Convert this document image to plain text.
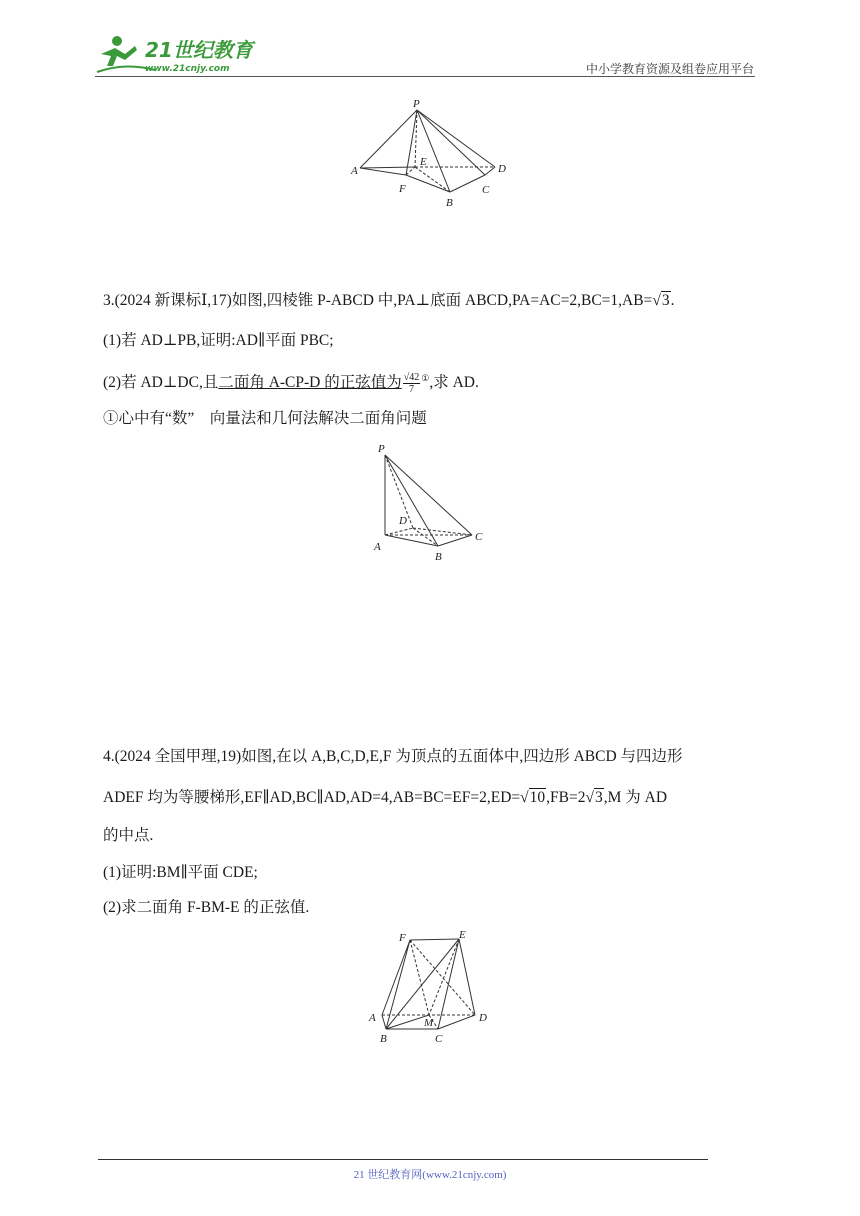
21世纪教育
www.21cnjy.com	中小学教育资源及组卷应用平台
P
E
D
A
F	C
B
3.(2024 新课标Ⅰ,17)如图,四棱锥 P-ABCD 中,PA⊥底面 ABCD,PA=AC=2,BC=1,AB=√3.
(1)若 AD⊥PB,证明:AD∥平面 PBC;
(2)若 AD⊥DC,且二面角 A-CP-D 的正弦值为 $\frac{√42}{7} ^①$,求 AD.
①心中有“数”　向量法和几何法解决二面角问题
P
D
A
C
B
4.(2024 全国甲理,19)如图,在以 A,B,C,D,E,F 为顶点的五面体中,四边形 ABCD 与四边形
ADEF 均为等腰梯形,EF∥AD,BC∥AD,AD=4,AB=BC=EF=2,ED=√10,FB=2√3,M 为 AD
的中点.
(1)证明:BM∥平面 CDE;
(2)求二面角 F-BM-E 的正弦值.
F	E
A	M	D
B	C
21 世纪教育网(www.21cnjy.com)
